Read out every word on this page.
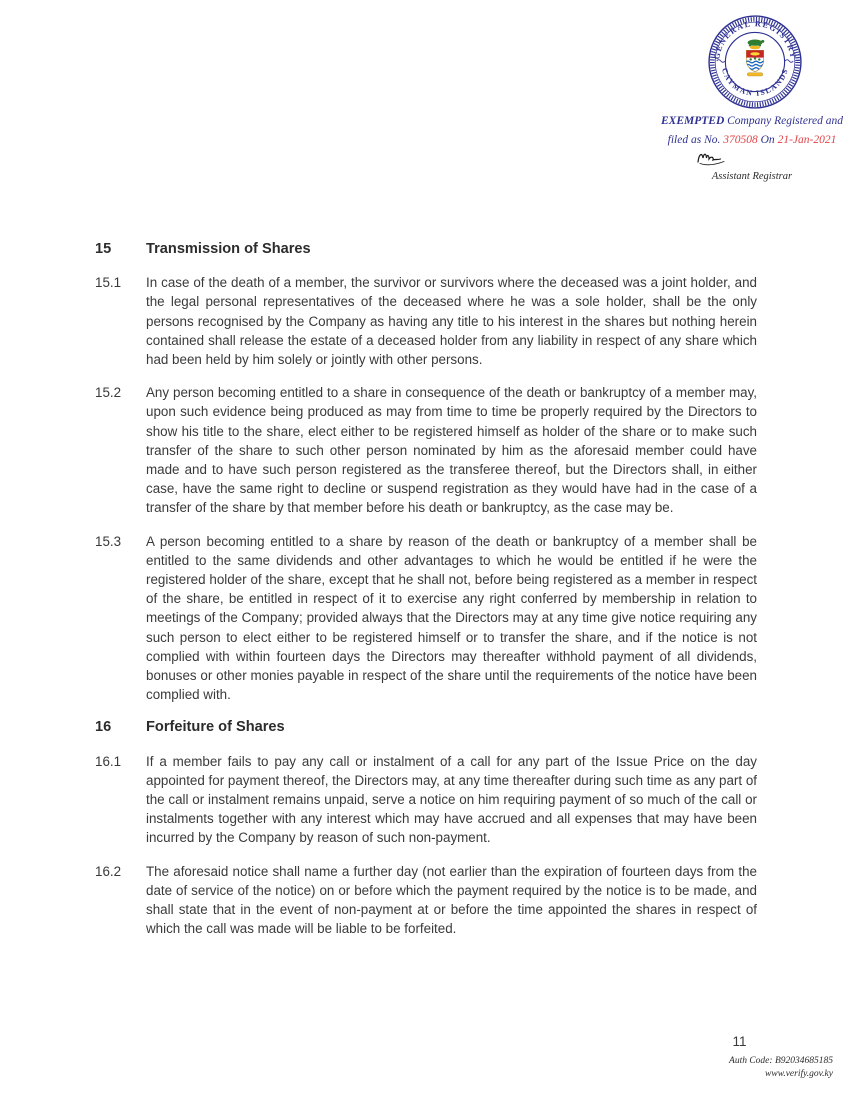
GENERAL REGISTRY
CAYMAN ISLANDS
EXEMPTED Company Registered and
filed as No. 370508 On 21-Jan-2021
Assistant Registrar
15	Transmission of Shares
15.1	In case of the death of a member, the survivor or survivors where the deceased was a joint holder, and the legal personal representatives of the deceased where he was a sole holder, shall be the only persons recognised by the Company as having any title to his interest in the shares but nothing herein contained shall release the estate of a deceased holder from any liability in respect of any share which had been held by him solely or jointly with other persons.
15.2	Any person becoming entitled to a share in consequence of the death or bankruptcy of a member may, upon such evidence being produced as may from time to time be properly required by the Directors to show his title to the share, elect either to be registered himself as holder of the share or to make such transfer of the share to such other person nominated by him as the aforesaid member could have made and to have such person registered as the transferee thereof, but the Directors shall, in either case, have the same right to decline or suspend registration as they would have had in the case of a transfer of the share by that member before his death or bankruptcy, as the case may be.
15.3	A person becoming entitled to a share by reason of the death or bankruptcy of a member shall be entitled to the same dividends and other advantages to which he would be entitled if he were the registered holder of the share, except that he shall not, before being registered as a member in respect of the share, be entitled in respect of it to exercise any right conferred by membership in relation to meetings of the Company; provided always that the Directors may at any time give notice requiring any such person to elect either to be registered himself or to transfer the share, and if the notice is not complied with within fourteen days the Directors may thereafter withhold payment of all dividends, bonuses or other monies payable in respect of the share until the requirements of the notice have been complied with.
16	Forfeiture of Shares
16.1	If a member fails to pay any call or instalment of a call for any part of the Issue Price on the day appointed for payment thereof, the Directors may, at any time thereafter during such time as any part of the call or instalment remains unpaid, serve a notice on him requiring payment of so much of the call or instalments together with any interest which may have accrued and all expenses that may have been incurred by the Company by reason of such non-payment.
16.2	The aforesaid notice shall name a further day (not earlier than the expiration of fourteen days from the date of service of the notice) on or before which the payment required by the notice is to be made, and shall state that in the event of non-payment at or before the time appointed the shares in respect of which the call was made will be liable to be forfeited.
11
Auth Code: B92034685185
www.verify.gov.ky
